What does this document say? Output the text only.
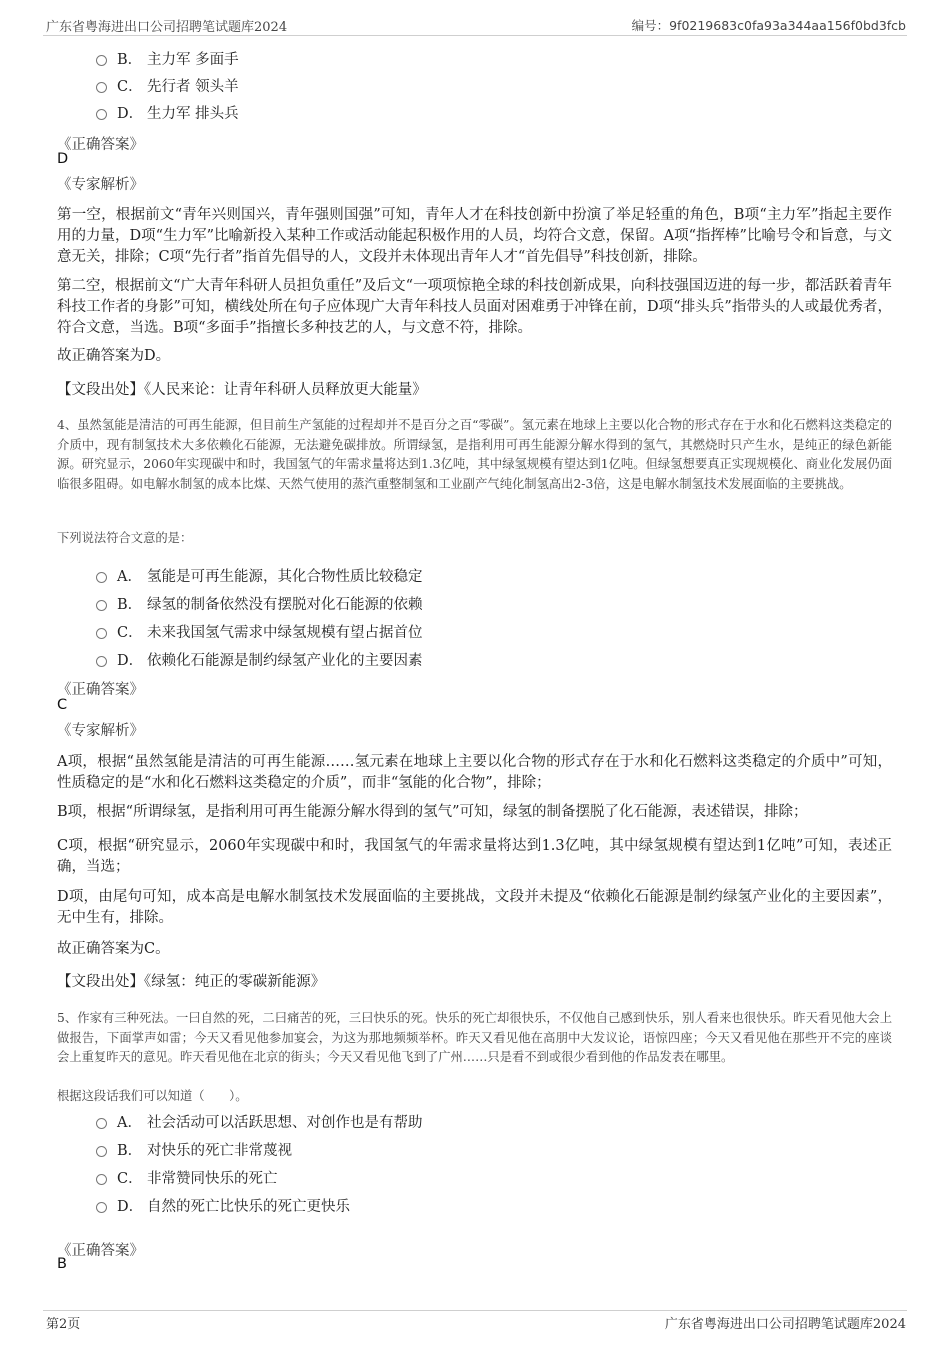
广东省粤海进出口公司招聘笔试题库2024	编号：9f0219683c0fa93a344aa156f0bd3fcb
B． 主力军 多面手
C． 先行者 领头羊
D． 生力军 排头兵
《正确答案》
D
《专家解析》
第一空，根据前文“青年兴则国兴，青年强则国强”可知，青年人才在科技创新中扮演了举足轻重的角色，B项“主力军”指起主要作用的力量，D项“生力军”比喻新投入某种工作或活动能起积极作用的人员，均符合文意，保留。A项“指挥棒”比喻号令和旨意，与文意无关，排除；C项“先行者”指首先倡导的人，文段并未体现出青年人才“首先倡导”科技创新，排除。
第二空，根据前文“广大青年科研人员担负重任”及后文“一项项惊艳全球的科技创新成果，向科技强国迈进的每一步，都活跃着青年科技工作者的身影”可知，横线处所在句子应体现广大青年科技人员面对困难勇于冲锋在前，D项“排头兵”指带头的人或最优秀者，符合文意，当选。B项“多面手”指擅长多种技艺的人，与文意不符，排除。
故正确答案为D。
【文段出处】《人民来论：让青年科研人员释放更大能量》
4、虽然氢能是清洁的可再生能源，但目前生产氢能的过程却并不是百分之百“零碳”。氢元素在地球上主要以化合物的形式存在于水和化石燃料这类稳定的介质中，现有制氢技术大多依赖化石能源，无法避免碳排放。所谓绿氢，是指利用可再生能源分解水得到的氢气，其燃烧时只产生水，是纯正的绿色新能源。研究显示，2060年实现碳中和时，我国氢气的年需求量将达到1.3亿吨，其中绿氢规模有望达到1亿吨。但绿氢想要真正实现规模化、商业化发展仍面临很多阻碍。如电解水制氢的成本比煤、天然气使用的蒸汽重整制氢和工业副产气纯化制氢高出2-3倍，这是电解水制氢技术发展面临的主要挑战。
下列说法符合文意的是：
A． 氢能是可再生能源，其化合物性质比较稳定
B． 绿氢的制备依然没有摆脱对化石能源的依赖
C． 未来我国氢气需求中绿氢规模有望占据首位
D． 依赖化石能源是制约绿氢产业化的主要因素
《正确答案》
C
《专家解析》
A项，根据“虽然氢能是清洁的可再生能源……氢元素在地球上主要以化合物的形式存在于水和化石燃料这类稳定的介质中”可知，性质稳定的是“水和化石燃料这类稳定的介质”，而非“氢能的化合物”，排除；
B项，根据“所谓绿氢，是指利用可再生能源分解水得到的氢气”可知，绿氢的制备摆脱了化石能源，表述错误，排除；
C项，根据“研究显示，2060年实现碳中和时，我国氢气的年需求量将达到1.3亿吨，其中绿氢规模有望达到1亿吨”可知，表述正确，当选；
D项，由尾句可知，成本高是电解水制氢技术发展面临的主要挑战，文段并未提及“依赖化石能源是制约绿氢产业化的主要因素”，无中生有，排除。
故正确答案为C。
【文段出处】《绿氢：纯正的零碳新能源》
5、作家有三种死法。一曰自然的死，二曰痛苦的死，三曰快乐的死。快乐的死亡却很快乐，不仅他自己感到快乐，别人看来也很快乐。昨天看见他大会上做报告，下面掌声如雷；今天又看见他参加宴会，为这为那地频频举杯。昨天又看见他在高朋中大发议论，语惊四座；今天又看见他在那些开不完的座谈会上重复昨天的意见。昨天看见他在北京的街头；今天又看见他飞到了广州……只是看不到或很少看到他的作品发表在哪里。
根据这段话我们可以知道（　　）。
A． 社会活动可以活跃思想、对创作也是有帮助
B． 对快乐的死亡非常蔑视
C． 非常赞同快乐的死亡
D． 自然的死亡比快乐的死亡更快乐
《正确答案》
B
第2页	广东省粤海进出口公司招聘笔试题库2024
